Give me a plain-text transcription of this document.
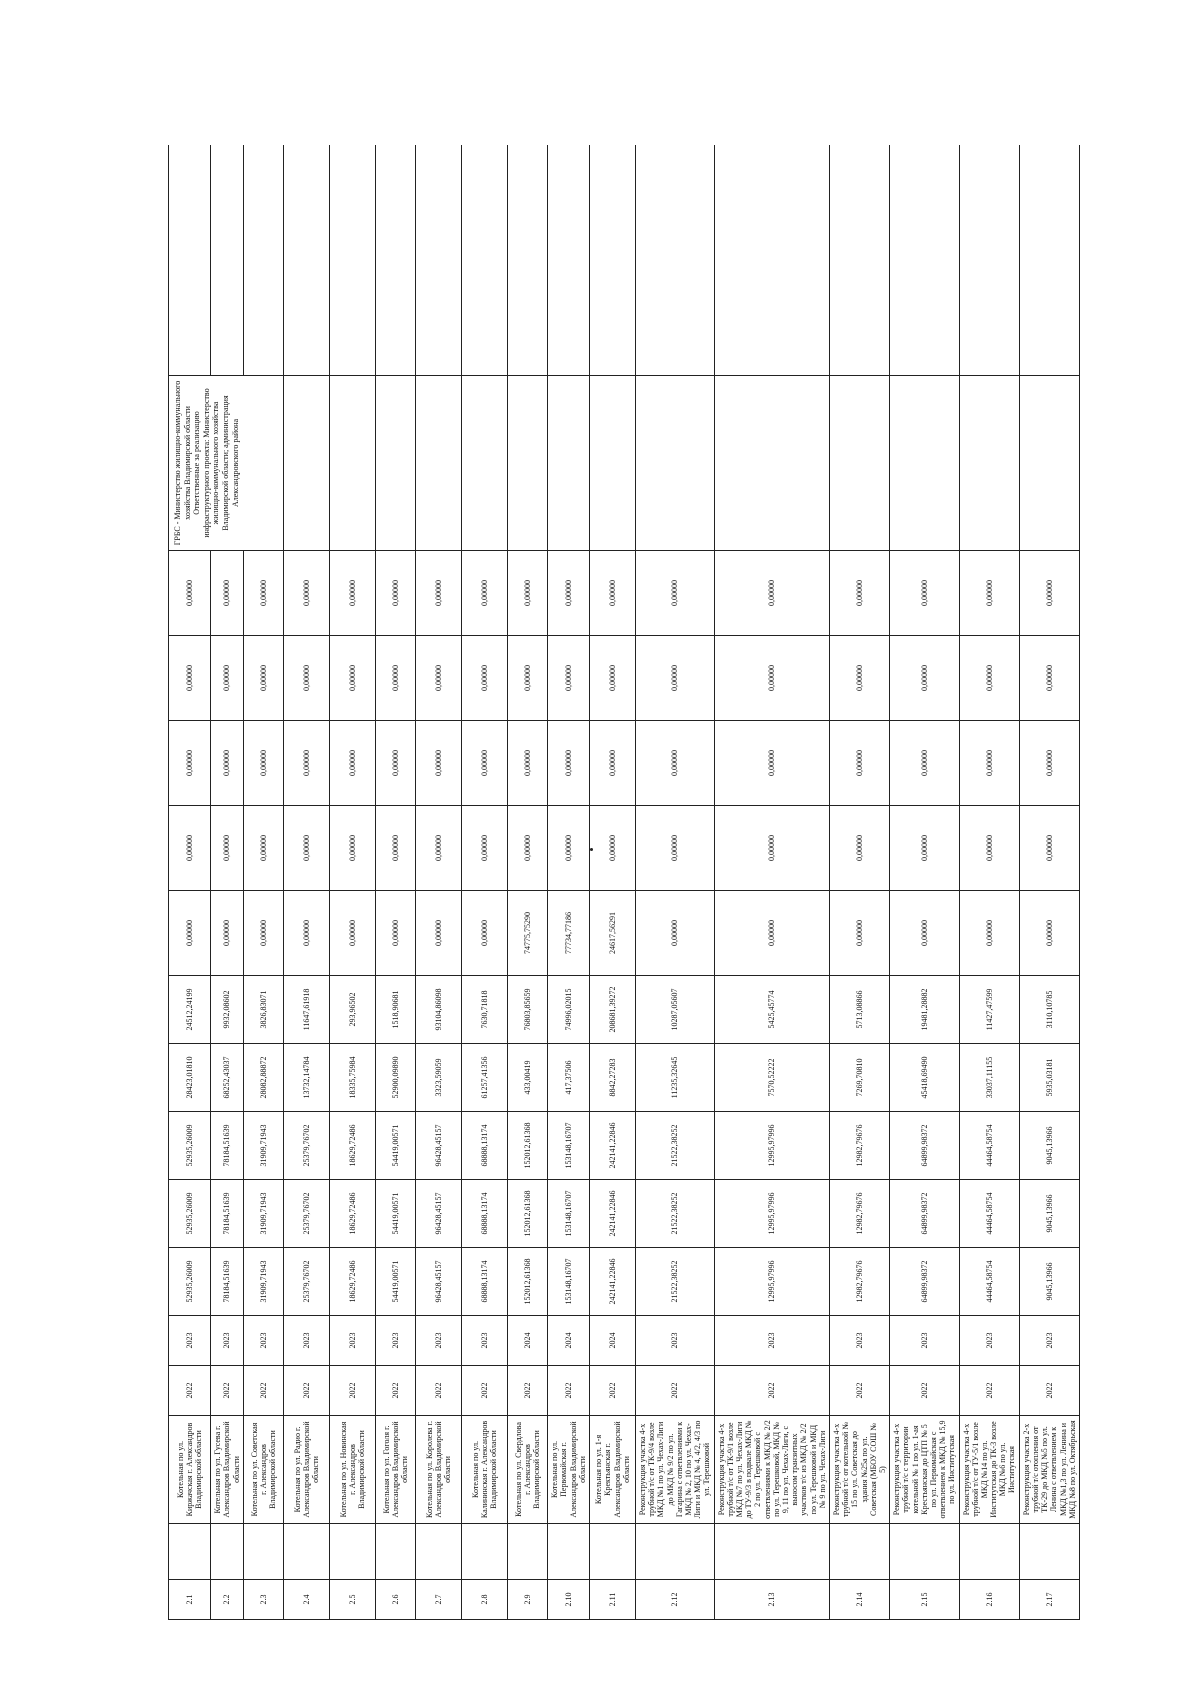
2.1		Котельная по ул. Киржачская г. Александров Владимирской области	2022	2023	52935,26009	52935,26009	52935,26009	28423,01810	24512,24199	0,00000	0,00000	0,00000	0,00000	0,00000	ГРБС - Министерство жилищно-коммунального хозяйства Владимирской области Ответственные за реализацию инфраструктурного проекта: Министерство жилищно-коммунального хозяйства Владимирской области; администрация Александровского района	
2.2		Котельная по ул. Гусева г. Александров Владимирской области	2022	2023	78184,51639	78184,51639	78184,51639	68252,43037	9932,08602	0,00000	0,00000	0,00000	0,00000	0,00000		
2.3		Котельная по ул. Советская г. Александров Владимирской области	2022	2023	31909,71943	31909,71943	31909,71943	28082,88872	3826,83071	0,00000	0,00000	0,00000	0,00000	0,00000		
2.4		Котельная по ул. Радио г. Александров Владимирской области	2022	2023	25379,76702	25379,76702	25379,76702	13732,14784	11647,61918	0,00000	0,00000	0,00000	0,00000	0,00000		
2.5		Котельная по ул. Новинская г. Александров Владимирской области	2022	2023	18629,72486	18629,72486	18629,72486	18335,75984	293,96502	0,00000	0,00000	0,00000	0,00000	0,00000		
2.6		Котельная по ул. Гоголя г. Александров Владимирской области	2022	2023	54419,00571	54419,00571	54419,00571	52900,09890	1518,90681	0,00000	0,00000	0,00000	0,00000	0,00000		
2.7		Котельная по ул. Королева г. Александров Владимирской области	2022	2023	96428,45157	96428,45157	96428,45157	3323,59059	93104,86098	0,00000	0,00000	0,00000	0,00000	0,00000		
2.8		Котельная по ул. Калининская г. Александров Владимирской области	2022	2023	68888,13174	68888,13174	68888,13174	61257,41356	7630,71818	0,00000	0,00000	0,00000	0,00000	0,00000		
2.9		Котельная по ул. Свердлова г. Александров Владимирской области	2022	2024	152012,61368	152012,61368	152012,61368	433,00419	76803,85659	74775,75290	0,00000	0,00000	0,00000	0,00000		
2.10		Котельная по ул. Первомайская г. Александров Владимирской области	2022	2024	153148,16707	153148,16707	153148,16707	417,37506	74996,02015	77734,77186	0,00000	0,00000	0,00000	0,00000		
2.11		Котельная по ул. 1-я Кректьянская г. Александров Владимирской области	2022	2024	242141,22846	242141,22846	242141,22846	8842,27283	208681,39272	24617,56291	0,00000	0,00000	0,00000	0,00000		
2.12		Реконструкция участка 4-х трубной т/с от ТК-9/4 возле МКД №1 по ул. Чехах-Лиги до МКД № 9/2 по ул. Гагарина с ответвлениями к МКД № 2, 10 по ул. Чехах-Лиги и МКД № 4, 4/2, 4/3 по ул. Терешковой	2022	2023	21522,38252	21522,38252	21522,38252	11235,32645	10287,05607	0,00000	0,00000	0,00000	0,00000	0,00000		
2.13		Реконструкция участка 4-х трубной т/с от ТК-9/1 возле МКД №7 по ул. Чехах-Лиги до ТУ-9/3 в подвале МКД № 2 по ул. Терешковой с ответвлениями к МКД № 2/2 по ул. Терешковой, МКД № 9, 11 по ул. Чехах-Лиги, с выносом транзитных участков т/с из МКД № 2/2 по ул. Терешковой и МКД № 9 по ул. Чехах-Лиги	2022	2023	12995,97996	12995,97996	12995,97996	7570,52222	5425,45774	0,00000	0,00000	0,00000	0,00000	0,00000		
2.14		Реконструкция участка 4-х трубной т/с от котельной № 15 по ул. Советская до здания №25а по ул. Советская (МБОУ СОШ № 5)	2022	2023	12982,79676	12982,79676	12982,79676	7269,70810	5713,08866	0,00000	0,00000	0,00000	0,00000	0,00000		
2.15		Реконструкция участка 4-х трубной т/с с территории котельной № 1 по ул. 1-ая Крестьянская до ЦТП № 5 по ул. Первомайская с ответвлением к МКД № 15,9 по ул. Институтская	2022	2023	64899,98372	64899,98372	64899,98372	45418,69490	19481,28882	0,00000	0,00000	0,00000	0,00000	0,00000		
2.16		Реконструкция участка 4-х трубной т/с от ТУ-5/1 возле МКД №14 по ул. Институтская до ТК-3 возле МКД №6 по ул. Институтская	2022	2023	44464,58754	44464,58754	44464,58754	33037,11155	11427,47599	0,00000	0,00000	0,00000	0,00000	0,00000		
2.17		Реконструкция участка 2-х трубной т/с отопления от ТК-29 до МКД №5 по ул. Ленина с ответвлением к МКД №1,3 по ул. Ленина и МКД №8 по ул. Октябрьская	2022	2023	9045,13966	9045,13966	9045,13966	5935,03181	3110,10785	0,00000	0,00000	0,00000	0,00000	0,00000		
